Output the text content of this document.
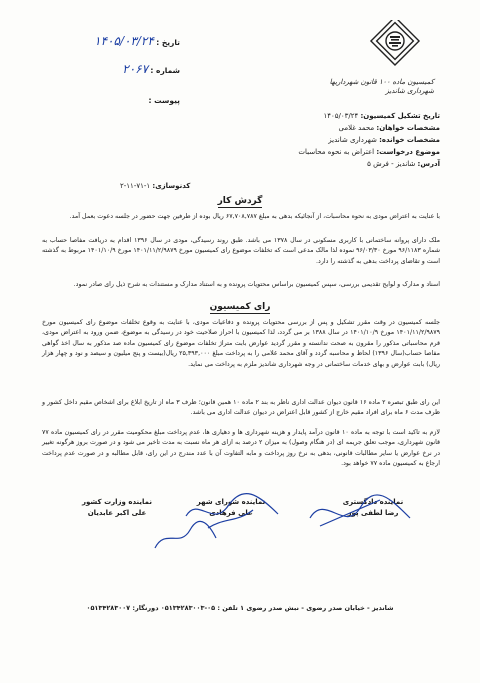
کمیسیون ماده ۱۰۰ قانون شهرداریها
شهرداری شاندیز
تاریخ : ۱۴۰۵/۰۳/۲۴
شماره : ۲۰۶۷
پیوست :
تاریخ تشکیل کمیسیون: ۱۴۰۵/۰۳/۲۴
مشخصات خواهان: محمد غلامی
مشخصات خوانده: شهرداری شاندیز
موضوع درخواست: اعتراض به نحوه محاسبات
آدرس: شاندیز - فرش ۵
کدنوسازی: ۱-۷۱-۱۱-۲
گردش کار
با عنایت به اعتراض مودی به نحوه محاسبات، از آنجائیکه بدهی به مبلغ ۶۷,۷۰۸,۷۸۷ ریال بوده از طرفین جهت حضور در جلسه دعوت بعمل آمد.
ملک دارای پروانه ساختمانی با کاربری مسکونی در سال ۱۳۷۸ می باشد. طبق روند رسیدگی، مودی در سال ۱۳۹۶ اقدام به دریافت مفاصا حساب به شماره ۹۶/۱۱۸۳ مورخ ۹۶/۰۳/۳۰ نموده لذا مالک مدعی است که تخلفات موضوع رای کمیسیون مورخ ۱۴۰۱/۱۱/۲/۹۸۷۹ مورخ ۱۴۰۱/۱۰/۹ مربوط به گذشته است و تقاضای پرداخت بدهی به گذشته را دارد.
اسناد و مدارک و لوایح تقدیمی بررسی، سپس کمیسیون براساس محتویات پرونده و به استناد مدارک و مستندات به شرح ذیل رای صادر نمود.
رای کمیسیون
جلسه کمیسیون در وقت مقرر تشکیل و پس از بررسی محتویات پرونده و دفاعیات مودی، با عنایت به وقوع تخلفات موضوع رای کمیسیون مورخ ۱۴۰۱/۱۱/۲/۹۸۷۹ مورخ ۱۴۰۱/۱۰/۹ در سال ۱۳۸۸ بر می گردد، لذا کمیسیون با احراز صلاحیت خود در رسیدگی به موضوع، ضمن ورود به اعتراض مودی، قرم محاسباتی مذکور را مقرون به صحت ندانسته و مقرر گردید عوارض بابت متراژ تخلفات موضوع رای کمیسیون ماده صد مذکور به سال اخذ گواهی مفاصا حساب(سال ۱۳۹۶) لحاظ و محاسبه گردد و آقای محمد غلامی را به پرداخت مبلغ ۲۵,۳۹۳,۰۰۰ ریال(بیست و پنج میلیون و سیصد و نود و چهار هزار ریال) بابت عوارض و بهای خدمات ساختمانی در وجه شهرداری شاندیز ملزم به پرداخت می نماید.
این رای طبق تبصره ۲ ماده ۱۶ قانون دیوان عدالت اداری ناظر به بند ۲ ماده ۱۰ همین قانون؛ ظرف ۳ ماه از تاریخ ابلاغ برای اشخاص مقیم داخل کشور و ظرف مدت ۶ ماه برای افراد مقیم خارج از کشور قابل اعتراض در دیوان عدالت اداری می باشد.
لازم به تاکید است با توجه به ماده ۱۰ قانون درآمد پایدار و هزینه شهرداری ها و دهیاری ها، عدم پرداخت مبلغ محکومیت مقرر در رای کمیسیون ماده ۷۷ قانون شهرداری، موجب تعلق جریمه ای (در هنگام وصول) به میزان ۲ درصد به ازای هر ماه نسبت به مدت تاخیر می شود و در صورت بروز هرگونه تغییر در نرخ عوارض یا سایر مطالبات قانونی، بدهی به نرخ روز پرداخت و مابه التفاوت آن با عدد مندرج در این رای، قابل مطالبه و در صورت عدم پرداخت ارجاع به کمیسیون ماده ۷۷ خواهد بود.
نماینده دادگستری
رضا لطفی پور
نماینده شورای شهر
علی فرهادی
نماینده وزارت کشور
علی اکبر عابدیان
شاندیز - خیابان صدر رضوی - نبش صدر رضوی ۱ تلفن : ۰۵-۰۵۱۳۴۲۸۳۰۰۳ دورنگار: ۰۵۱۳۴۲۸۳۰۰۷
